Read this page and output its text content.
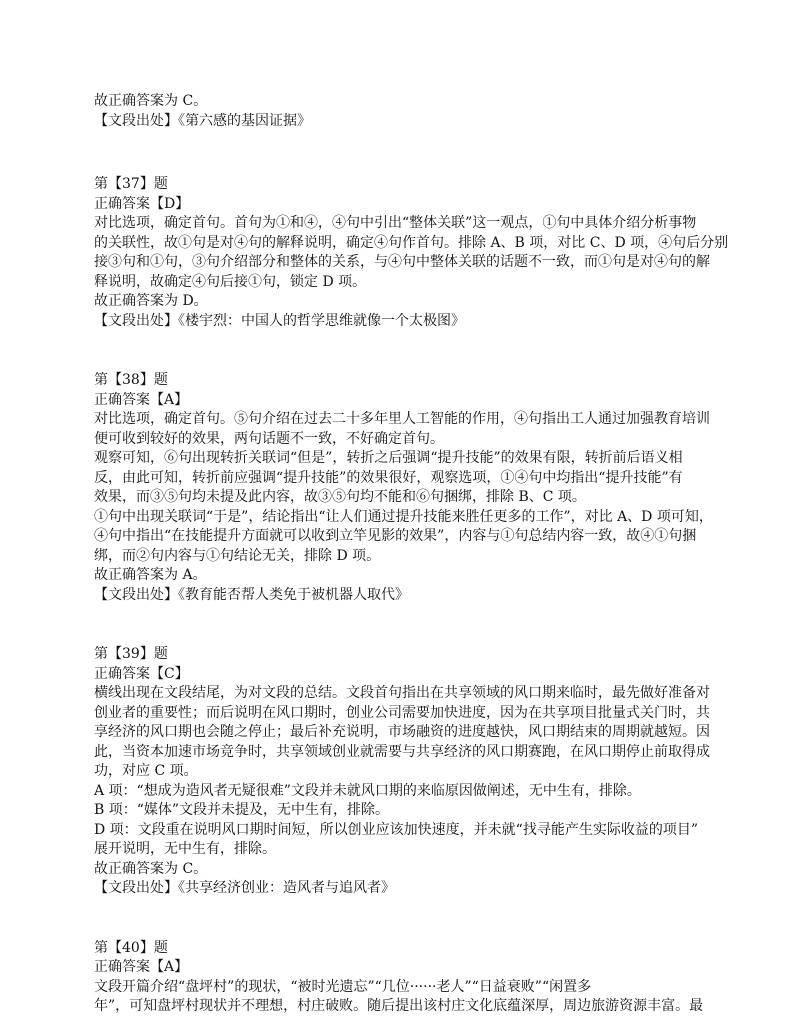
故正确答案为 C。
【文段出处】《第六感的基因证据》
第【37】题
正确答案【D】
对比选项，确定首句。首句为①和④，④句中引出“整体关联”这一观点，①句中具体介绍分析事物
的关联性，故①句是对④句的解释说明，确定④句作首句。排除 A、B 项，对比 C、D 项，④句后分别
接③句和①句，③句介绍部分和整体的关系，与④句中整体关联的话题不一致，而①句是对④句的解
释说明，故确定④句后接①句，锁定 D 项。
故正确答案为 D。
【文段出处】《楼宇烈：中国人的哲学思维就像一个太极图》
第【38】题
正确答案【A】
对比选项，确定首句。⑤句介绍在过去二十多年里人工智能的作用，④句指出工人通过加强教育培训
便可收到较好的效果，两句话题不一致，不好确定首句。
观察可知，⑥句出现转折关联词“但是”，转折之后强调“提升技能”的效果有限，转折前后语义相
反，由此可知，转折前应强调“提升技能”的效果很好，观察选项，①④句中均指出“提升技能”有
效果，而③⑤句均未提及此内容，故③⑤句均不能和⑥句捆绑，排除 B、C 项。
①句中出现关联词“于是”，结论指出“让人们通过提升技能来胜任更多的工作”，对比 A、D 项可知，
④句中指出“在技能提升方面就可以收到立竿见影的效果”，内容与①句总结内容一致，故④①句捆
绑，而②句内容与①句结论无关，排除 D 项。
故正确答案为 A。
【文段出处】《教育能否帮人类免于被机器人取代》
第【39】题
正确答案【C】
横线出现在文段结尾，为对文段的总结。文段首句指出在共享领域的风口期来临时，最先做好准备对
创业者的重要性；而后说明在风口期时，创业公司需要加快进度，因为在共享项目批量式关门时，共
享经济的风口期也会随之停止；最后补充说明，市场融资的进度越快，风口期结束的周期就越短。因
此，当资本加速市场竞争时，共享领域创业就需要与共享经济的风口期赛跑，在风口期停止前取得成
功，对应 C 项。
A 项：“想成为造风者无疑很难”文段并未就风口期的来临原因做阐述，无中生有，排除。
B 项：“媒体”文段并未提及，无中生有，排除。
D 项：文段重在说明风口期时间短，所以创业应该加快速度，并未就“找寻能产生实际收益的项目”
展开说明，无中生有，排除。
故正确答案为 C。
【文段出处】《共享经济创业：造风者与追风者》
第【40】题
正确答案【A】
文段开篇介绍“盘坪村”的现状，“被时光遗忘”“几位······老人”“日益衰败”“闲置多
年”，可知盘坪村现状并不理想，村庄破败。随后提出该村庄文化底蕴深厚，周边旅游资源丰富。最
